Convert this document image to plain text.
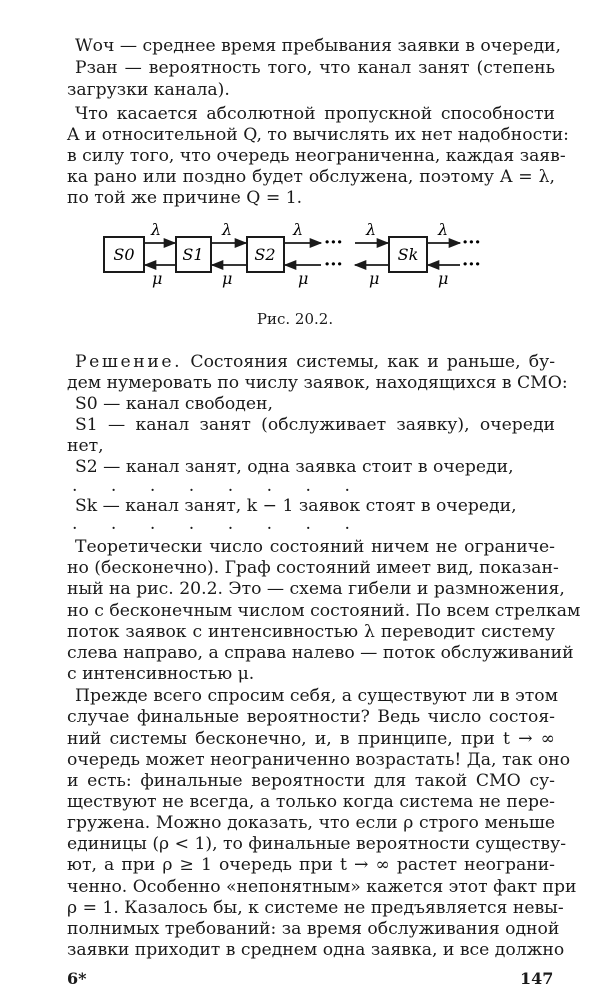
Wоч — среднее время пребывания заявки в очереди,
Pзан — вероятность того, что канал занят (степень
загрузки канала).
Что касается абсолютной пропускной способности
A и относительной Q, то вычислять их нет надобности:
в силу того, что очередь неограниченна, каждая заяв-
ка рано или поздно будет обслужена, поэтому A = λ,
по той же причине Q = 1.
S0	S1	S2	Sk
λ	λ	λ	λ	λ
μ	μ	μ	μ	μ
···
···
···
···
Рис. 20.2.
Решение. Состояния системы, как и раньше, бу-
дем нумеровать по числу заявок, находящихся в СМО:
S0 — канал свободен,
S1 — канал занят (обслуживает заявку), очереди
нет,
S2 — канал занят, одна заявка стоит в очереди,
. . . . . . . .
Sk — канал занят, k − 1 заявок стоят в очереди,
. . . . . . . .
Теоретически число состояний ничем не ограниче-
но (бесконечно). Граф состояний имеет вид, показан-
ный на рис. 20.2. Это — схема гибели и размножения,
но с бесконечным числом состояний. По всем стрелкам
поток заявок с интенсивностью λ переводит систему
слева направо, а справа налево — поток обслуживаний
с интенсивностью μ.
Прежде всего спросим себя, а существуют ли в этом
случае финальные вероятности? Ведь число состоя-
ний системы бесконечно, и, в принципе, при t → ∞
очередь может неограниченно возрастать! Да, так оно
и есть: финальные вероятности для такой СМО су-
ществуют не всегда, а только когда система не пере-
гружена. Можно доказать, что если ρ строго меньше
единицы (ρ < 1), то финальные вероятности существу-
ют, а при ρ ≥ 1 очередь при t → ∞ растет неограни-
ченно. Особенно «непонятным» кажется этот факт при
ρ = 1. Казалось бы, к системе не предъявляется невы-
полнимых требований: за время обслуживания одной
заявки приходит в среднем одна заявка, и все должно
6*	147
